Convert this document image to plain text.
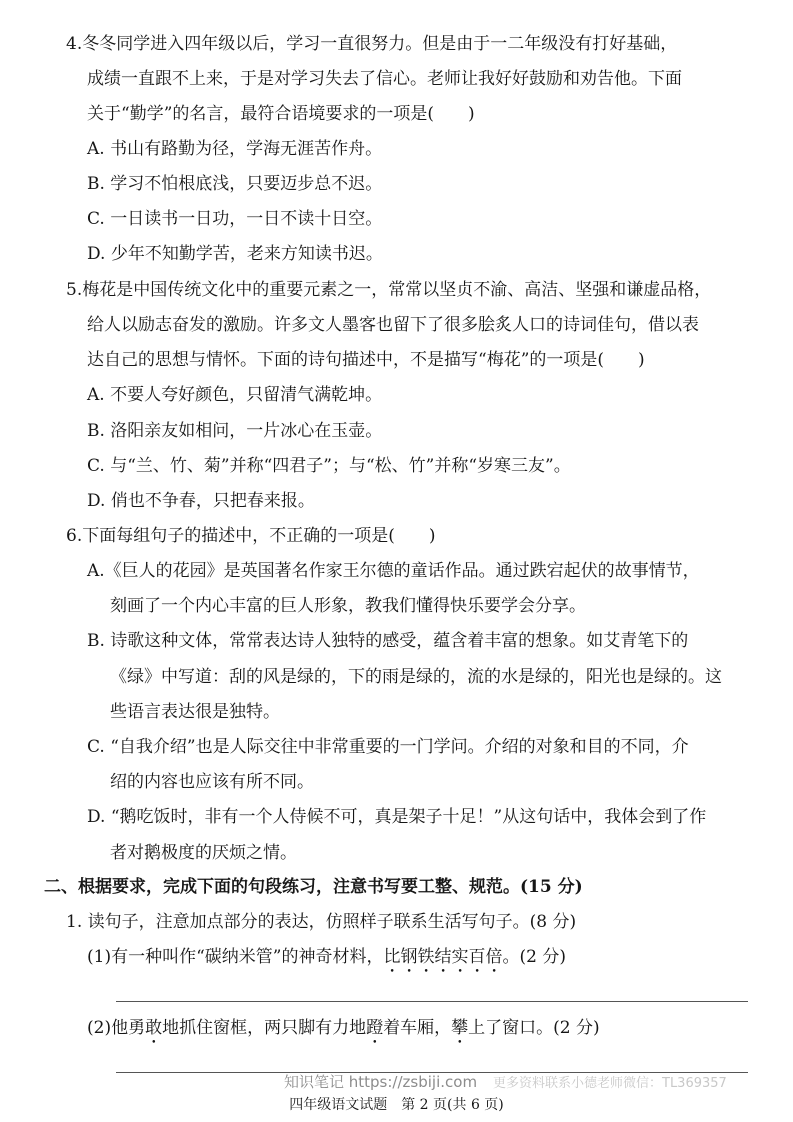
4.冬冬同学进入四年级以后，学习一直很努力。但是由于一二年级没有打好基础，
成绩一直跟不上来，于是对学习失去了信心。老师让我好好鼓励和劝告他。下面
关于“勤学”的名言，最符合语境要求的一项是(　　)
A. 书山有路勤为径，学海无涯苦作舟。
B. 学习不怕根底浅，只要迈步总不迟。
C. 一日读书一日功，一日不读十日空。
D. 少年不知勤学苦，老来方知读书迟。
5.梅花是中国传统文化中的重要元素之一，常常以坚贞不渝、高洁、坚强和谦虚品格，
给人以励志奋发的激励。许多文人墨客也留下了很多脍炙人口的诗词佳句，借以表
达自己的思想与情怀。下面的诗句描述中，不是描写“梅花”的一项是(　　)
A. 不要人夸好颜色，只留清气满乾坤。
B. 洛阳亲友如相问，一片冰心在玉壶。
C. 与“兰、竹、菊”并称“四君子”；与“松、竹”并称“岁寒三友”。
D. 俏也不争春，只把春来报。
6.下面每组句子的描述中，不正确的一项是(　　)
A.《巨人的花园》是英国著名作家王尔德的童话作品。通过跌宕起伏的故事情节，
刻画了一个内心丰富的巨人形象，教我们懂得快乐要学会分享。
B. 诗歌这种文体，常常表达诗人独特的感受，蕴含着丰富的想象。如艾青笔下的
《绿》中写道：刮的风是绿的，下的雨是绿的，流的水是绿的，阳光也是绿的。这
些语言表达很是独特。
C. “自我介绍”也是人际交往中非常重要的一门学问。介绍的对象和目的不同，介
绍的内容也应该有所不同。
D. “鹅吃饭时，非有一个人侍候不可，真是架子十足！”从这句话中，我体会到了作
者对鹅极度的厌烦之情。
二、根据要求，完成下面的句段练习，注意书写要工整、规范。(15 分)
1. 读句子，注意加点部分的表达，仿照样子联系生活写句子。(8 分)
(1)有一种叫作“碳纳米管”的神奇材料，比钢铁结实百倍。(2 分)
(2)他勇敢地抓住窗框，两只脚有力地蹬着车厢，攀上了窗口。(2 分)
更多资料联系小德老师微信：TL369357
知识笔记 https://zsbiji.com
四年级语文试题　第 2 页(共 6 页)
